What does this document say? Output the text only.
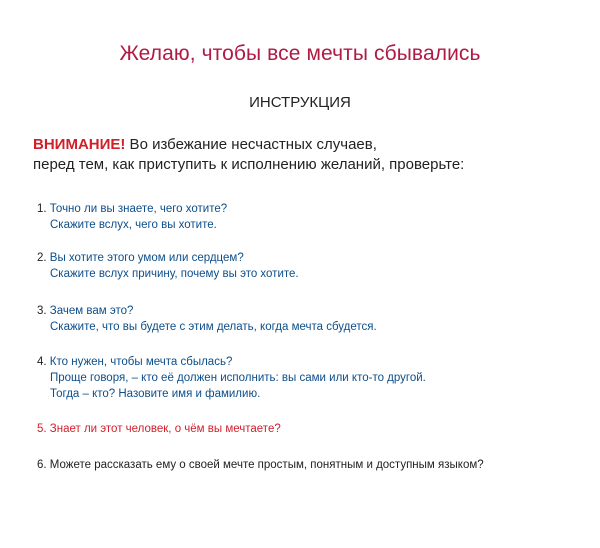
Желаю, чтобы все мечты сбывались
ИНСТРУКЦИЯ
ВНИМАНИЕ! Во избежание несчастных случаев,
перед тем, как приступить к исполнению желаний, проверьте:
1. Точно ли вы знаете, чего хотите?
Скажите вслух, чего вы хотите.
2. Вы хотите этого умом или сердцем?
Скажите вслух причину, почему вы это хотите.
3. Зачем вам это?
Скажите, что вы будете с этим делать, когда мечта сбудется.
4. Кто нужен, чтобы мечта сбылась?
Проще говоря, – кто её должен исполнить: вы сами или кто-то другой.
Тогда – кто? Назовите имя и фамилию.
5. Знает ли этот человек, о чём вы мечтаете?
6. Можете рассказать ему о своей мечте простым, понятным и доступным языком?
